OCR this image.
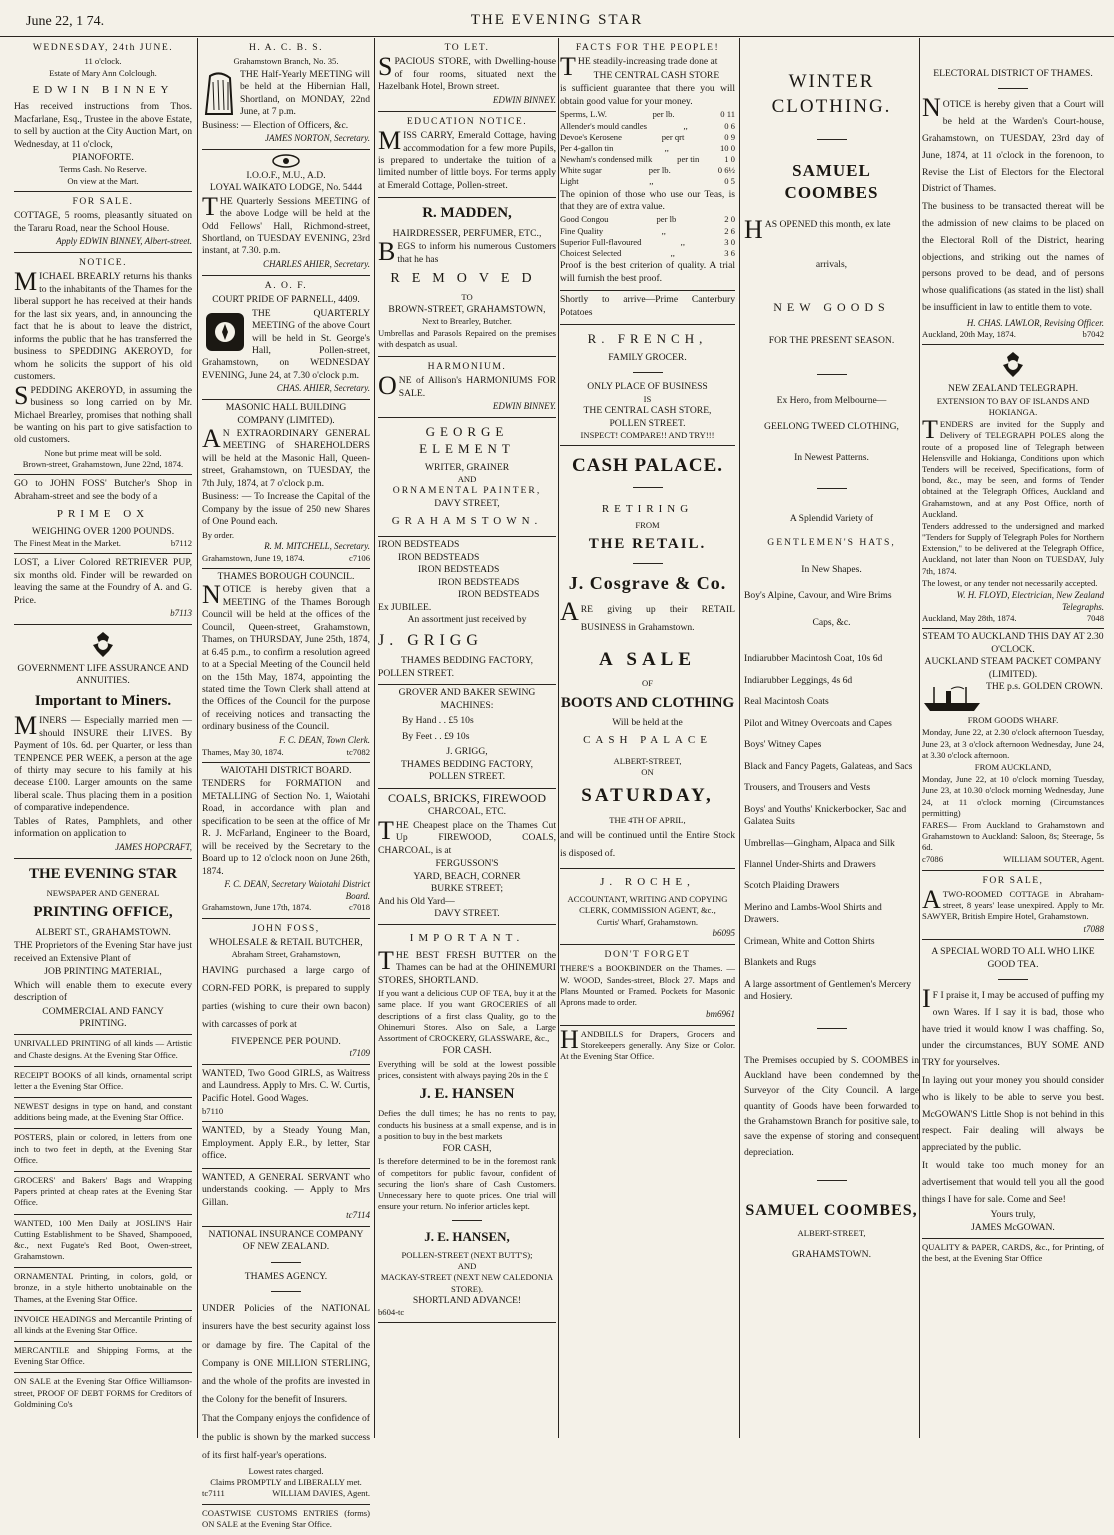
June 22, 1 74.	THE EVENING STAR
WEDNESDAY, 24th JUNE.
11 o'clock.
Estate of Mary Ann Colclough.
EDWIN BINNEY

Has received instructions from Thos. Macfarlane, Esq., Trustee in the above Estate, to sell by auction at the City Auction Mart, on Wednesday, at 11 o'clock,

PIANOFORTE.
Terms Cash. No Reserve.
On view at the Mart.
FOR SALE.

COTTAGE, 5 rooms, pleasantly situated on the Tararu Road, near the School House.

Apply EDWIN BINNEY, Albert-street.
NOTICE.

MICHAEL BREARLY returns his thanks to the inhabitants of the Thames for the liberal support he has received at their hands for the last six years, and, in announcing the fact that he is about to leave the district, informs the public that he has transferred the business to SPEDDING AKEROYD, for whom he solicits the support of his old customers.

SPEDDING AKEROYD, in assuming the business so long carried on by Mr. Michael Brearley, promises that nothing shall be wanting on his part to give satisfaction to old customers.

None but prime meat will be sold.
Brown-street, Grahamstown, June 22nd, 1874.

GO to JOHN FOSS' Butcher's Shop in Abraham-street and see the body of a

PRIME OX
WEIGHING OVER 1200 POUNDS.
The Finest Meat in the Market.	b7112

LOST, a Liver Colored RETRIEVER PUP, six months old. Finder will be rewarded on leaving the same at the Foundry of A. and G. Price.

b7113
GOVERNMENT LIFE ASSURANCE AND ANNUITIES.
Important to Miners.

MINERS — Especially married men — should INSURE their LIVES. By Payment of 10s. 6d. per Quarter, or less than TENPENCE PER WEEK, a person at the age of thirty may secure to his family at his decease £100. Larger amounts on the same liberal scale. Thus placing them in a position of comparative independence.

Tables of Rates, Pamphlets, and other information on application to

JAMES HOPCRAFT,
THE EVENING STAR
NEWSPAPER AND GENERAL
PRINTING OFFICE,
ALBERT ST., GRAHAMSTOWN.

THE Proprietors of the Evening Star have just received an Extensive Plant of

JOB PRINTING MATERIAL,

Which will enable them to execute every description of

COMMERCIAL AND FANCY
PRINTING.

UNRIVALLED PRINTING of all kinds — Artistic and Chaste designs. At the Evening Star Office.

RECEIPT BOOKS of all kinds, ornamental script letter a the Evening Star Office.

NEWEST designs in type on hand, and constant additions being made, at the Evening Star Office.

POSTERS, plain or colored, in letters from one inch to two feet in depth, at the Evening Star Office.

GROCERS' and Bakers' Bags and Wrapping Papers printed at cheap rates at the Evening Star Office.

WANTED, 100 Men Daily at JOSLIN'S Hair Cutting Establishment to be Shaved, Shampooed, &c., next Fugate's Red Boot, Owen-street, Grahamstown.

ORNAMENTAL Printing, in colors, gold, or bronze, in a style hitherto unobtainable on the Thames, at the Evening Star Office.

INVOICE HEADINGS and Mercantile Printing of all kinds at the Evening Star Office.

MERCANTILE and Shipping Forms, at the Evening Star Office.

ON SALE at the Evening Star Office Williamson-street, PROOF OF DEBT FORMS for Creditors of Goldmining Co's

H. A. C. B. S.
Grahamstown Branch, No. 35.

THE Half-Yearly MEETING will be held at the Hibernian Hall, Shortland, on MONDAY, 22nd June, at 7 p.m.

Business: — Election of Officers, &c.

JAMES NORTON, Secretary.
I.O.O.F., M.U., A.D.
LOYAL WAIKATO LODGE, No. 5444

THE Quarterly Sessions MEETING of the above Lodge will be held at the Odd Fellows' Hall, Richmond-street, Shortland, on TUESDAY EVENING, 23rd instant, at 7.30. p.m.

CHARLES AHIER, Secretary.
A. O. F.
COURT PRIDE OF PARNELL, 4409.

THE QUARTERLY MEETING of the above Court will be held in St. George's Hall, Pollen-street, Grahamstown, on WEDNESDAY EVENING, June 24, at 7.30 o'clock p.m.

CHAS. AHIER, Secretary.
MASONIC HALL BUILDING COMPANY (LIMITED).

AN EXTRAORDINARY GENERAL MEETING of SHAREHOLDERS will be held at the Masonic Hall, Queen-street, Grahamstown, on TUESDAY, the 7th July, 1874, at 7 o'clock p.m.

Business: — To Increase the Capital of the Company by the issue of 250 new Shares of One Pound each.

By order.
R. M. MITCHELL, Secretary.
Grahamstown, June 19, 1874.	c7106
THAMES BOROUGH COUNCIL.

NOTICE is hereby given that a MEETING of the Thames Borough Council will be held at the offices of the Council, Queen-street, Grahamstown, Thames, on THURSDAY, June 25th, 1874, at 6.45 p.m., to confirm a resolution agreed to at a Special Meeting of the Council held on the 15th May, 1874, appointing the stated time the Town Clerk shall attend at the Offices of the Council for the purpose of receiving notices and transacting the ordinary business of the Council.

F. C. DEAN, Town Clerk.
Thames, May 30, 1874.	tc7082
WAIOTAHI DISTRICT BOARD.

TENDERS for FORMATION and METALLING of Section No. 1, Waiotahi Road, in accordance with plan and specification to be seen at the office of Mr R. J. McFarland, Engineer to the Board, will be received by the Secretary to the Board up to 12 o'clock noon on June 26th, 1874.

F. C. DEAN, Secretary Waiotahi District Board.
Grahamstown, June 17th, 1874.	c7018
JOHN FOSS,
WHOLESALE & RETAIL BUTCHER,
Abraham Street, Grahamstown,

HAVING purchased a large cargo of CORN-FED PORK, is prepared to supply parties (wishing to cure their own bacon) with carcasses of pork at

FIVEPENCE PER POUND.
t7109

WANTED, Two Good GIRLS, as Waitress and Laundress. Apply to Mrs. C. W. Curtis, Pacific Hotel. Good Wages.

b7110

WANTED, by a Steady Young Man, Employment. Apply E.R., by letter, Star office.

WANTED, A GENERAL SERVANT who understands cooking. — Apply to Mrs Gillan.

tc7114
NATIONAL INSURANCE COMPANY OF NEW ZEALAND.
THAMES AGENCY.

UNDER Policies of the NATIONAL insurers have the best security against loss or damage by fire. The Capital of the Company is ONE MILLION STERLING, and the whole of the profits are invested in the Colony for the benefit of Insurers.

That the Company enjoys the confidence of the public is shown by the marked success of its first half-year's operations.

Lowest rates charged.
Claims PROMPTLY and LIBERALLY met.
tc7111	WILLIAM DAVIES, Agent.

COASTWISE CUSTOMS ENTRIES (forms) ON SALE at the Evening Star Office.

TO LET.

SPACIOUS STORE, with Dwelling-house of four rooms, situated next the Hazelbank Hotel, Brown street.

EDWIN BINNEY.
EDUCATION NOTICE.

MISS CARRY, Emerald Cottage, having accommodation for a few more Pupils, is prepared to undertake the tuition of a limited number of little boys. For terms apply at Emerald Cottage, Pollen-street.

R. MADDEN,
HAIRDRESSER, PERFUMER, ETC.,

BEGS to inform his numerous Customers that he has

REMOVED
TO
BROWN-STREET, GRAHAMSTOWN,
Next to Brearley, Butcher.

Umbrellas and Parasols Repaired on the premises with despatch as usual.

HARMONIUM.

ONE of Allison's HARMONIUMS FOR SALE.

EDWIN BINNEY.
GEORGE ELEMENT
WRITER, GRAINER
AND
ORNAMENTAL PAINTER,
DAVY STREET,
GRAHAMSTOWN.
IRON BEDSTEADS
IRON BEDSTEADS
IRON BEDSTEADS
IRON BEDSTEADS
IRON BEDSTEADS
Ex JUBILEE.
An assortment just received by
J. GRIGG
THAMES BEDDING FACTORY,
POLLEN STREET.
GROVER AND BAKER SEWING
MACHINES:
By Hand . . £5 10s
By Feet . . £9 10s
J. GRIGG,
THAMES BEDDING FACTORY,
POLLEN STREET.
COALS, BRICKS, FIREWOOD
CHARCOAL, ETC.

THE Cheapest place on the Thames Cut Up FIREWOOD, COALS, CHARCOAL, is at

FERGUSSON'S
YARD, BEACH, CORNER
BURKE STREET;
And his Old Yard—
DAVY STREET.
IMPORTANT.

THE BEST FRESH BUTTER on the Thames can be had at the OHINEMURI STORES, SHORTLAND.

If you want a delicious CUP OF TEA, buy it at the same place. If you want GROCERIES of all descriptions of a first class Quality, go to the Ohinemuri Stores. Also on Sale, a Large Assortment of CROCKERY, GLASSWARE, &c.,

FOR CASH.

Everything will be sold at the lowest possible prices, consistent with always paying 20s in the £

J. E. HANSEN

Defies the dull times; he has no rents to pay, conducts his business at a small expense, and is in a position to buy in the best markets

FOR CASH,

Is therefore determined to be in the foremost rank of competitors for public favour, confident of securing the lion's share of Cash Customers. Unnecessary here to quote prices. One trial will ensure your return. No inferior articles kept.

J. E. HANSEN,
POLLEN-STREET (NEXT BUTT'S);
AND
MACKAY-STREET (NEXT NEW CALEDONIA STORE).
SHORTLAND ADVANCE!
b604-tc
FACTS FOR THE PEOPLE!

THE steadily-increasing trade done at

THE CENTRAL CASH STORE

is sufficient guarantee that there you will obtain good value for your money.

Sperms, L.W.	per lb.	0 11
Allender's mould candles	,,	0 6
Devoe's Kerosene	per qrt	0 9
Per 4-gallon tin	,,	10 0
Newham's condensed milk	per tin	1 0
White sugar	per lb.	0 6½
Light	,,	0 5

The opinion of those who use our Teas, is that they are of extra value.

Good Congou	per lb	2 0
Fine Quality	,,	2 6
Superior Full-flavoured	,,	3 0
Choicest Selected	,,	3 6

Proof is the best criterion of quality. A trial will furnish the best proof.

Shortly to arrive—Prime Canterbury Potatoes

R. FRENCH,
FAMILY GROCER.
ONLY PLACE OF BUSINESS
IS
THE CENTRAL CASH STORE,
POLLEN STREET.
INSPECT! COMPARE!! AND TRY!!!
CASH PALACE.
RETIRING
FROM
THE RETAIL.
J. Cosgrave & Co.

ARE giving up their RETAIL BUSINESS in Grahamstown.

A SALE
OF
BOOTS AND CLOTHING
Will be held at the
CASH PALACE
ALBERT-STREET,
ON
SATURDAY,
THE 4TH OF APRIL,

and will be continued until the Entire Stock is disposed of.

J. ROCHE,

ACCOUNTANT, WRITING AND COPYING CLERK, COMMISSION AGENT, &c.,

Curtis' Wharf, Grahamstown.
b6095
DON'T FORGET

THERE'S a BOOKBINDER on the Thames. — W. WOOD, Sandes-street, Block 27. Maps and Plans Mounted or Framed. Pockets for Masonic Aprons made to order.

bm6961

HANDBILLS for Drapers, Grocers and Storekeepers generally. Any Size or Color. At the Evening Star Office.

WINTER CLOTHING.
SAMUEL COOMBES

HAS OPENED this month, ex late

arrivals,
NEW GOODS
FOR THE PRESENT SEASON.
Ex Hero, from Melbourne—
GEELONG TWEED CLOTHING,
In Newest Patterns.
A Splendid Variety of
GENTLEMEN'S HATS,
In New Shapes.
Boy's Alpine, Cavour, and Wire Brims
Caps, &c.
Indiarubber Macintosh Coat, 10s 6d
Indiarubber Leggings, 4s 6d
Real Macintosh Coats
Pilot and Witney Overcoats and Capes
Boys' Witney Capes
Black and Fancy Pagets, Galateas, and Sacs
Trousers, and Trousers and Vests
Boys' and Youths' Knickerbocker, Sac and Galatea Suits
Umbrellas—Gingham, Alpaca and Silk
Flannel Under-Shirts and Drawers
Scotch Plaiding Drawers
Merino and Lambs-Wool Shirts and Drawers.
Crimean, White and Cotton Shirts
Blankets and Rugs
A large assortment of Gentlemen's Mercery and Hosiery.

The Premises occupied by S. COOMBES in Auckland have been condemned by the Surveyor of the City Council. A large quantity of Goods have been forwarded to the Grahamstown Branch for positive sale, to save the expense of storing and consequent depreciation.

SAMUEL COOMBES,
ALBERT-STREET,
GRAHAMSTOWN.
ELECTORAL DISTRICT OF THAMES.

NOTICE is hereby given that a Court will be held at the Warden's Court-house, Grahamstown, on TUESDAY, 23rd day of June, 1874, at 11 o'clock in the forenoon, to Revise the List of Electors for the Electoral District of Thames.

The business to be transacted thereat will be the admission of new claims to be placed on the Electoral Roll of the District, hearing objections, and striking out the names of persons proved to be dead, and of persons whose qualifications (as stated in the list) shall be insufficient in law to entitle them to vote.

H. CHAS. LAWLOR, Revising Officer.
Auckland, 20th May, 1874.	b7042
NEW ZEALAND TELEGRAPH.
EXTENSION TO BAY OF ISLANDS AND HOKIANGA.

TENDERS are invited for the Supply and Delivery of TELEGRAPH POLES along the route of a proposed line of Telegraph between Helensville and Hokianga, Conditions upon which Tenders will be received, Specifications, form of bond, &c., may be seen, and forms of Tender obtained at the Telegraph Offices, Auckland and Grahamstown, and at any Post Office, north of Auckland.

Tenders addressed to the undersigned and marked "Tenders for Supply of Telegraph Poles for Northern Extension," to be delivered at the Telegraph Office, Auckland, not later than Noon on TUESDAY, July 7th, 1874.

The lowest, or any tender not necessarily accepted.

W. H. FLOYD, Electrician, New Zealand Telegraphs.
Auckland, May 28th, 1874.	7048
STEAM TO AUCKLAND THIS DAY AT 2.30 O'CLOCK.
AUCKLAND STEAM PACKET COMPANY (LIMITED).
THE p.s. GOLDEN CROWN.
FROM GOODS WHARF.

Monday, June 22, at 2.30 o'clock afternoon Tuesday, June 23, at 3 o'clock afternoon Wednesday, June 24, at 3.30 o'clock afternoon.

FROM AUCKLAND,

Monday, June 22, at 10 o'clock morning Tuesday, June 23, at 10.30 o'clock morning Wednesday, June 24, at 11 o'clock morning (Circumstances permitting)

FARES— From Auckland to Grahamstown and Grahamstown to Auckland: Saloon, 8s; Steerage, 5s 6d.

c7086	WILLIAM SOUTER, Agent.
FOR SALE,

ATWO-ROOMED COTTAGE in Abraham-street, 8 years' lease unexpired. Apply to Mr. SAWYER, British Empire Hotel, Grahamstown.

t7088
A SPECIAL WORD TO ALL WHO LIKE GOOD TEA.

IF I praise it, I may be accused of puffing my own Wares. If I say it is bad, those who have tried it would know I was chaffing. So, under the circumstances, BUY SOME AND TRY for yourselves.

In laying out your money you should consider who is likely to be able to serve you best. McGOWAN'S Little Shop is not behind in this respect. Fair dealing will always be appreciated by the public.

It would take too much money for an advertisement that would tell you all the good things I have for sale. Come and See!

Yours truly,
JAMES McGOWAN.

QUALITY & PAPER, CARDS, &c., for Printing, of the best, at the Evening Star Office
